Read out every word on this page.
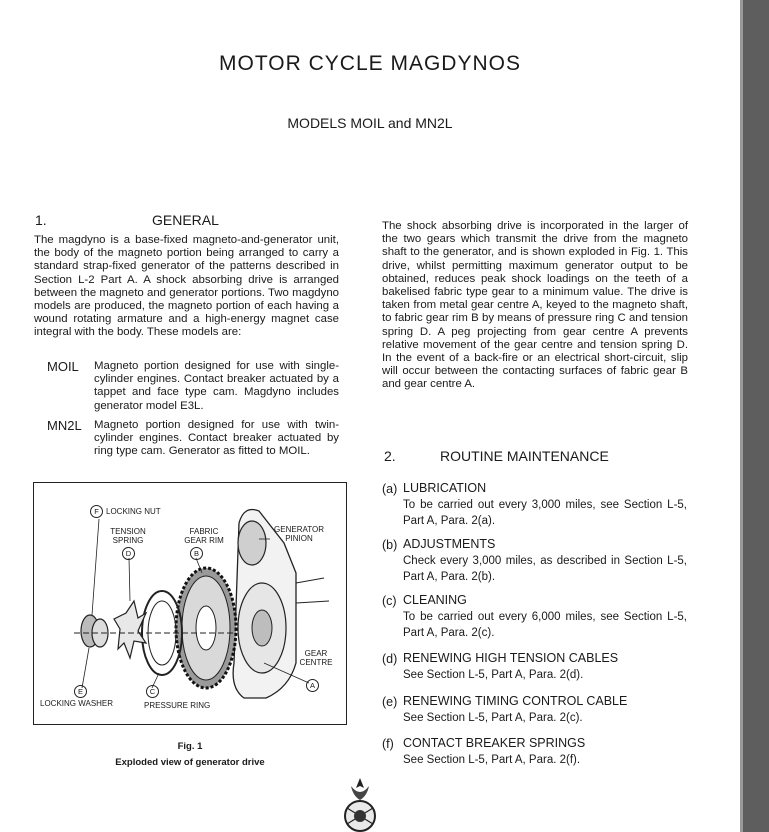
MOTOR CYCLE MAGDYNOS
MODELS MOIL and MN2L
1.	GENERAL
The magdyno is a base-fixed magneto-and-generator unit, the body of the magneto portion being arranged to carry a standard strap-fixed generator of the patterns described in Section L-2 Part A. A shock absorbing drive is arranged between the magneto and generator portions. Two magdyno models are produced, the magneto portion of each having a wound rotating armature and a high-energy magnet case integral with the body. These models are:
MOIL Magneto portion designed for use with single-cylinder engines. Contact breaker actuated by a tappet and face type cam. Magdyno includes generator model E3L.
MN2L Magneto portion designed for use with twin-cylinder engines. Contact breaker actuated by ring type cam. Generator as fitted to MOIL.
The shock absorbing drive is incorporated in the larger of the two gears which transmit the drive from the magneto shaft to the generator, and is shown exploded in Fig. 1. This drive, whilst permitting maximum generator output to be obtained, reduces peak shock loadings on the teeth of a bakelised fabric type gear to a minimum value. The drive is taken from metal gear centre A, keyed to the magneto shaft, to fabric gear rim B by means of pressure ring C and tension spring D. A peg projecting from gear centre A prevents relative movement of the gear centre and tension spring D. In the event of a back-fire or an electrical short-circuit, slip will occur between the contacting surfaces of fabric gear B and gear centre A.
F LOCKING NUT
TENSION SPRING
D
FABRIC GEAR RIM
B
GENERATOR PINION
GEAR CENTRE
A
E
LOCKING WASHER
C
PRESSURE RING
Fig. 1
Exploded view of generator drive
2.	ROUTINE MAINTENANCE
(a) LUBRICATION
To be carried out every 3,000 miles, see Section L-5, Part A, Para. 2(a).
(b) ADJUSTMENTS
Check every 3,000 miles, as described in Section L-5, Part A, Para. 2(b).
(c) CLEANING
To be carried out every 6,000 miles, see Section L-5, Part A, Para. 2(c).
(d) RENEWING HIGH TENSION CABLES
See Section L-5, Part A, Para. 2(d).
(e) RENEWING TIMING CONTROL CABLE
See Section L-5, Part A, Para. 2(c).
(f) CONTACT BREAKER SPRINGS
See Section L-5, Part A, Para. 2(f).
